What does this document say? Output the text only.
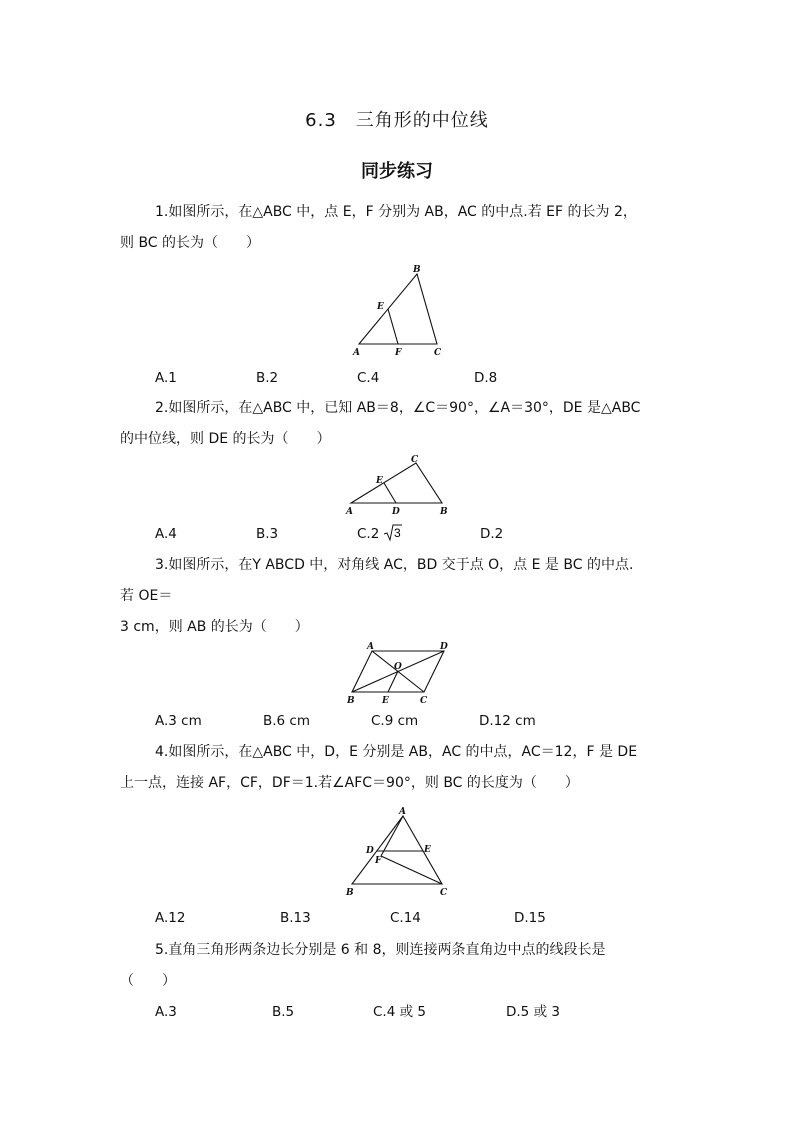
6.3　三角形的中位线
同步练习
1.如图所示，在△ABC 中，点 E，F 分别为 AB，AC 的中点.若 EF 的长为 2，
则 BC 的长为（　　）
B
E
A	F	C
A.1	B.2	C.4	D.8
2.如图所示，在△ABC 中，已知 AB＝8，∠C＝90°，∠A＝30°，DE 是△ABC
的中位线，则 DE 的长为（　　）
C
E
A	D	B
A.4	B.3	C.2 3	D.2
3.如图所示，在Y ABCD 中，对角线 AC，BD 交于点 O，点 E 是 BC 的中点.
若 OE＝
3 cm，则 AB 的长为（　　）
A	D
O
B	E	C
A.3 cm	B.6 cm	C.9 cm	D.12 cm
4.如图所示，在△ABC 中，D，E 分别是 AB，AC 的中点，AC＝12，F 是 DE
上一点，连接 AF，CF，DF＝1.若∠AFC＝90°，则 BC 的长度为（　　）
A
D	E
F
B	C
A.12	B.13	C.14	D.15
5.直角三角形两条边长分别是 6 和 8，则连接两条直角边中点的线段长是
（　　）
A.3	B.5	C.4 或 5	D.5 或 3
